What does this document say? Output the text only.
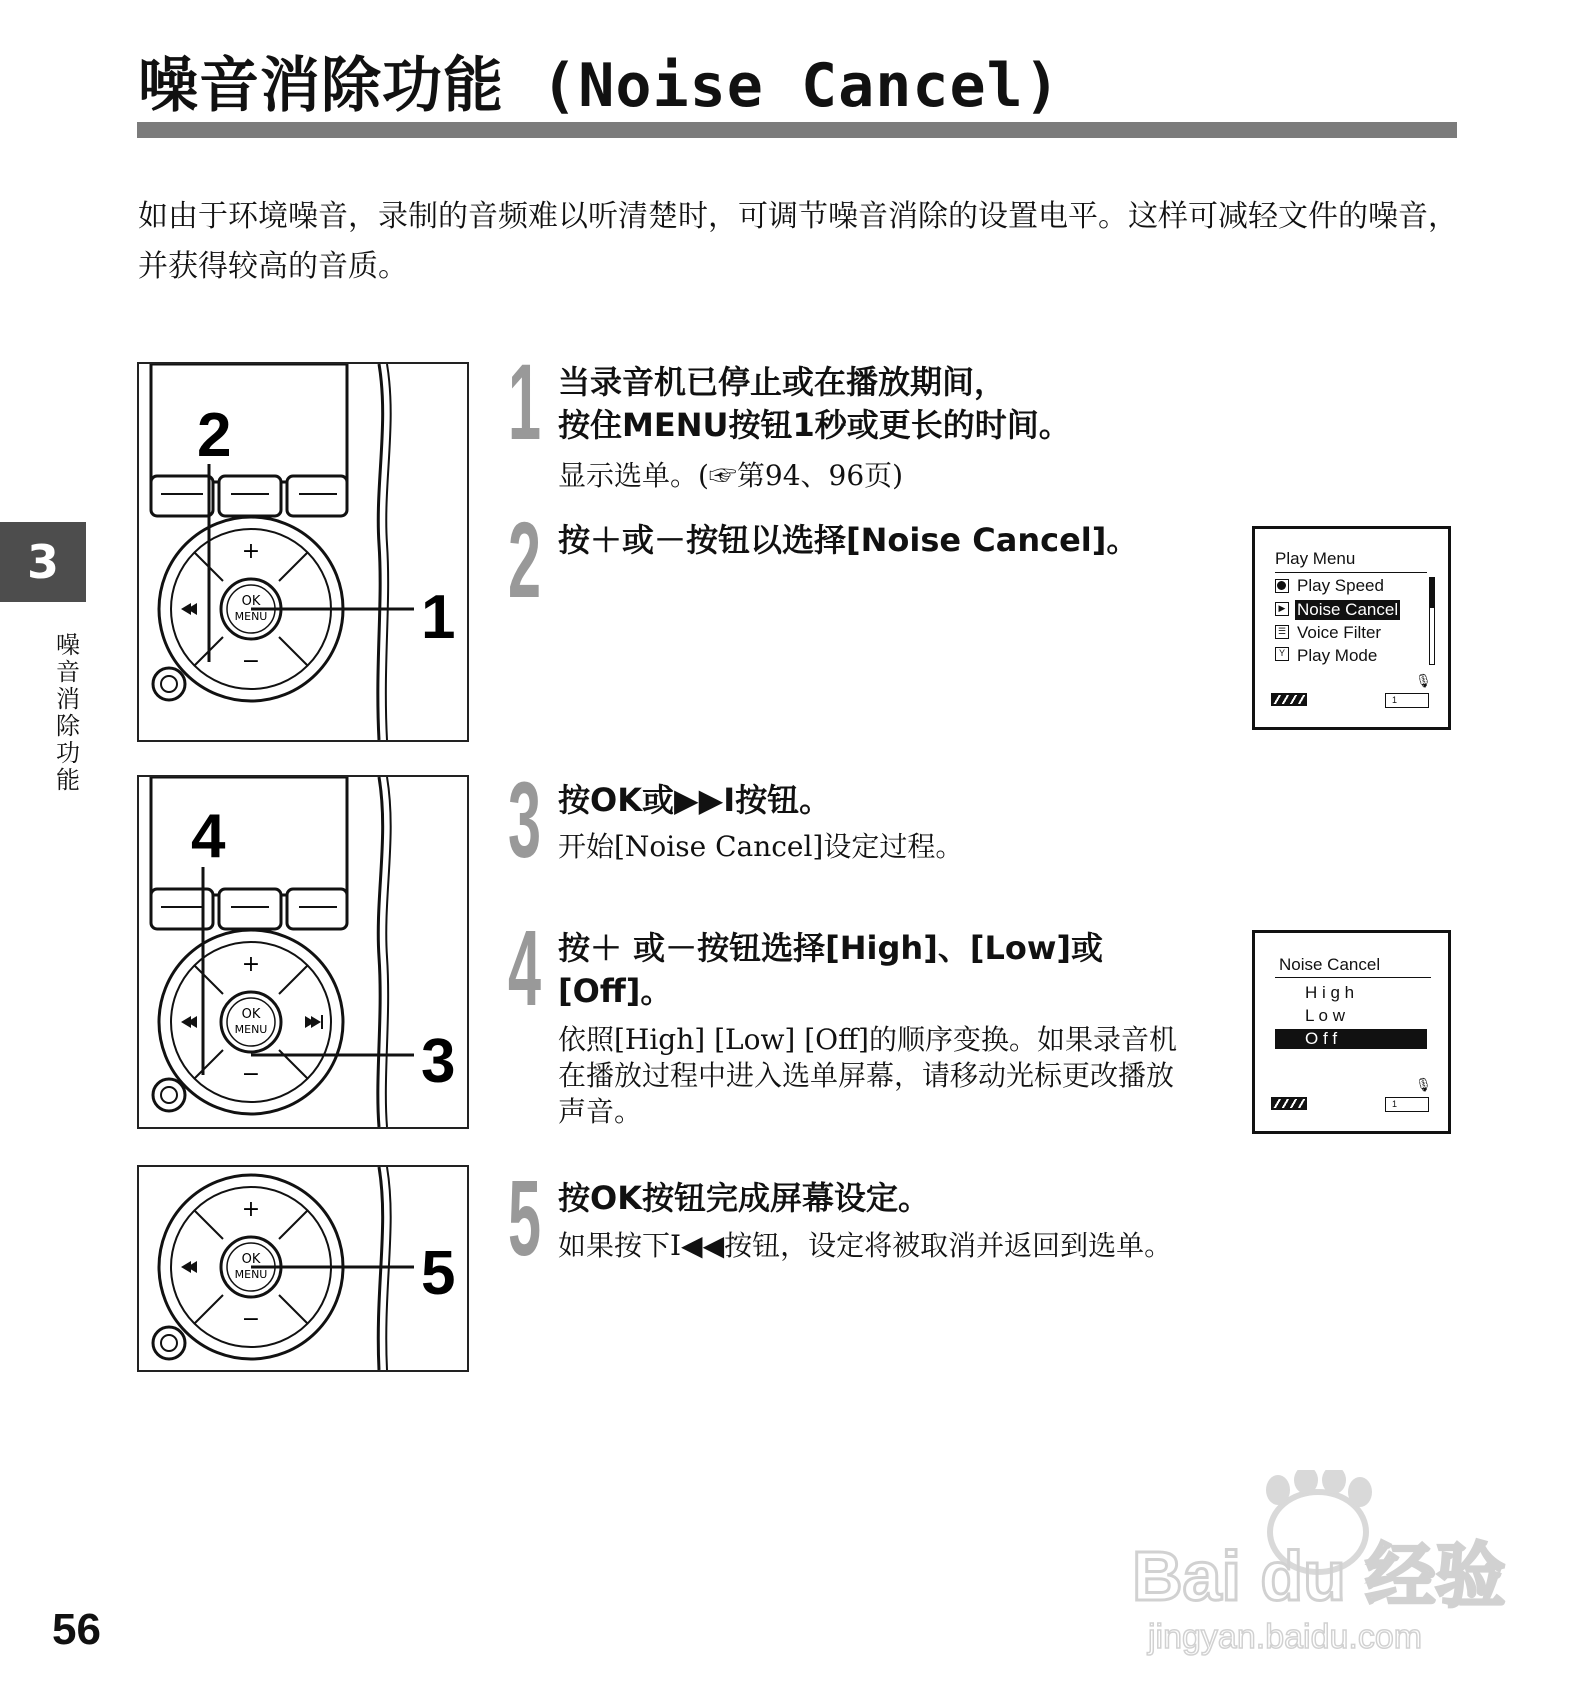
噪音消除功能 (Noise Cancel)
如由于环境噪音，录制的音频难以听清楚时，可调节噪音消除的设置电平。这样可减轻文件的噪音，并获得较高的音质。
3
噪音消除功能
56
+
−
OK
MENU
2
1
+
−
OK
MENU
4
3
+
−
OK
MENU 5
1 当录音机已停止或在播放期间，
按住MENU按钮1秒或更长的时间。
显示选单。(☞第94、96页)
2 按＋或－按钮以选择[Noise Cancel]。	Play Menu
▶
☰
Y
Play Speed
Noise Cancel
Voice Filter
Play Mode
🎙
1
3 按OK或▶▶I按钮。
开始[Noise Cancel]设定过程。
4 按＋ 或－按钮选择[High]、[Low]或
[Off]。
依照[High] [Low] [Off]的顺序变换。如果录音机在播放过程中进入选单屏幕，请移动光标更改播放声音。
Noise Cancel
H i g h
L o w
O f f
🎙
1
5 按OK按钮完成屏幕设定。
如果按下I◀◀按钮，设定将被取消并返回到选单。
Bai du 经验
jingyan.baidu.com
